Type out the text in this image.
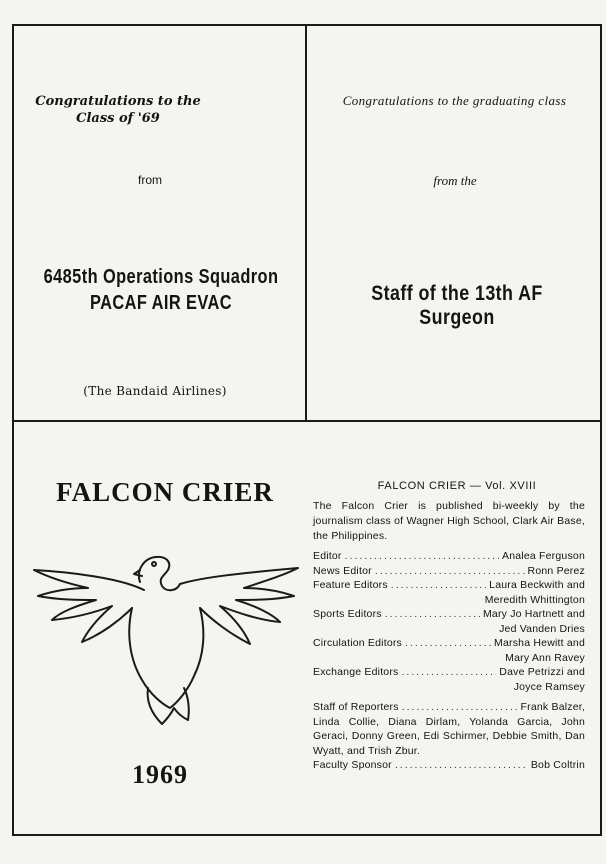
Congratulations to the
Class of '69
from
6485th Operations Squadron
PACAF AIR EVAC
(The Bandaid Airlines)
Congratulations to the graduating class
from the
Staff of the 13th AF Surgeon
FALCON CRIER
1969
FALCON CRIER — Vol. XVIII
The Falcon Crier is published bi-weekly by the journalism class of Wagner High School, Clark Air Base, the Philippines.
Editor .....	Analea Ferguson
News Editor .....	Ronn Perez
Feature Editors .....	Laura Beckwith and
Meredith Whittington
Sports Editors .....	Mary Jo Hartnett and
Jed Vanden Dries
Circulation Editors .....	Marsha Hewitt and
Mary Ann Ravey
Exchange Editors .....	Dave Petrizzi and
Joyce Ramsey
Staff of Reporters .....	Frank Balzer,
Linda Collie, Diana Dirlam, Yolanda Garcia, John Geraci, Donny Green, Edi Schirmer, Debbie Smith, Dan Wyatt, and Trish Zbur.
Faculty Sponsor .....	Bob Coltrin
